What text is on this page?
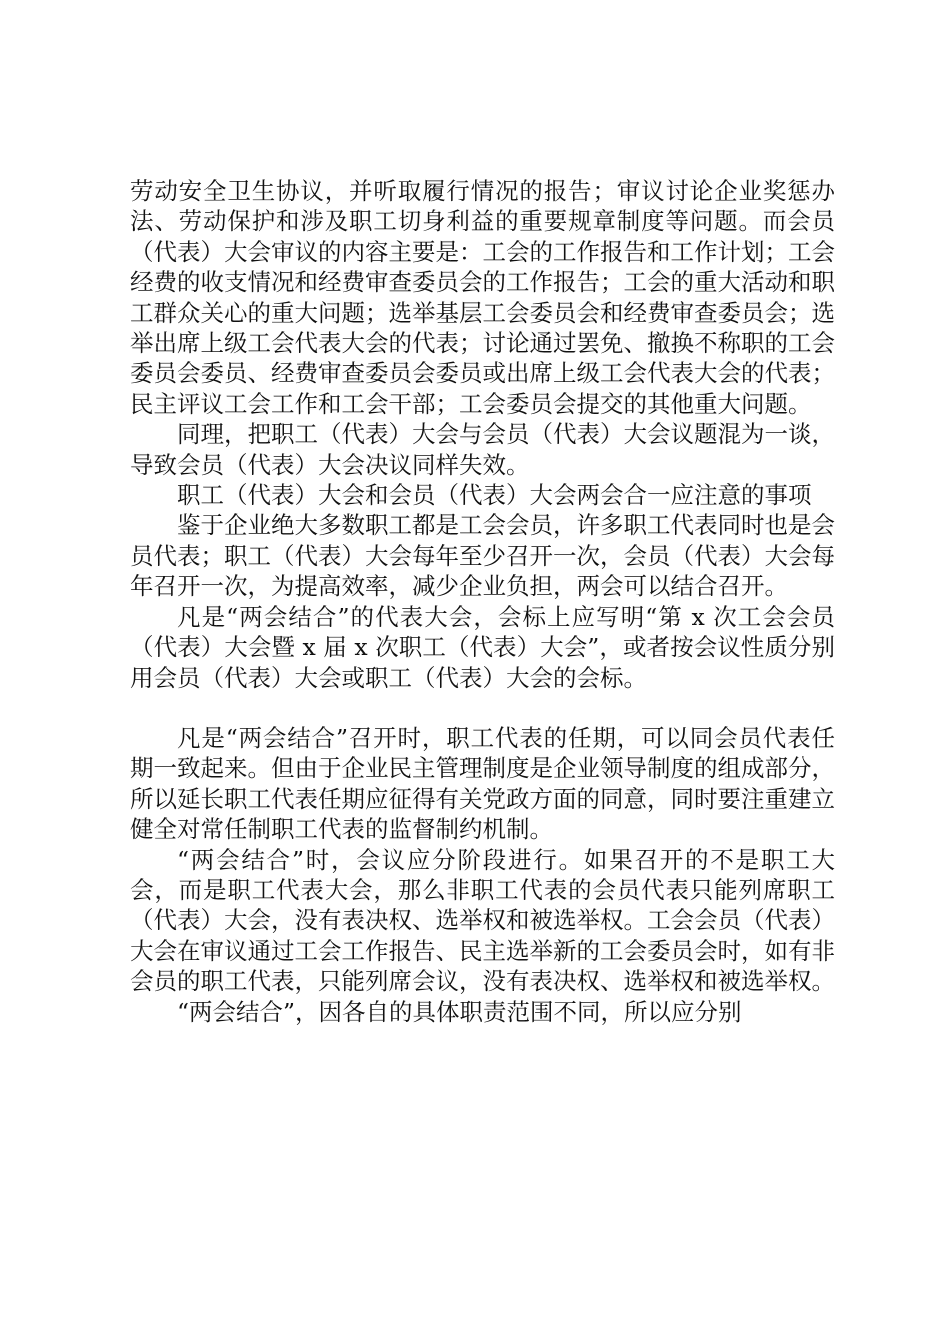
劳动安全卫生协议，并听取履行情况的报告；审议讨论企业奖惩办法、劳动保护和涉及职工切身利益的重要规章制度等问题。而会员（代表）大会审议的内容主要是：工会的工作报告和工作计划；工会经费的收支情况和经费审查委员会的工作报告；工会的重大活动和职工群众关心的重大问题；选举基层工会委员会和经费审查委员会；选举出席上级工会代表大会的代表；讨论通过罢免、撤换不称职的工会委员会委员、经费审查委员会委员或出席上级工会代表大会的代表；民主评议工会工作和工会干部；工会委员会提交的其他重大问题。

同理，把职工（代表）大会与会员（代表）大会议题混为一谈，导致会员（代表）大会决议同样失效。

职工（代表）大会和会员（代表）大会两会合一应注意的事项

鉴于企业绝大多数职工都是工会会员，许多职工代表同时也是会员代表；职工（代表）大会每年至少召开一次，会员（代表）大会每年召开一次，为提高效率，减少企业负担，两会可以结合召开。

凡是“两会结合”的代表大会，会标上应写明“第 x 次工会会员（代表）大会暨 x 届 x 次职工（代表）大会”，或者按会议性质分别用会员（代表）大会或职工（代表）大会的会标。

凡是“两会结合”召开时，职工代表的任期，可以同会员代表任期一致起来。但由于企业民主管理制度是企业领导制度的组成部分，所以延长职工代表任期应征得有关党政方面的同意，同时要注重建立健全对常任制职工代表的监督制约机制。

“两会结合”时，会议应分阶段进行。如果召开的不是职工大会，而是职工代表大会，那么非职工代表的会员代表只能列席职工（代表）大会，没有表决权、选举权和被选举权。工会会员（代表）大会在审议通过工会工作报告、民主选举新的工会委员会时，如有非会员的职工代表，只能列席会议，没有表决权、选举权和被选举权。

“两会结合”，因各自的具体职责范围不同，所以应分别
